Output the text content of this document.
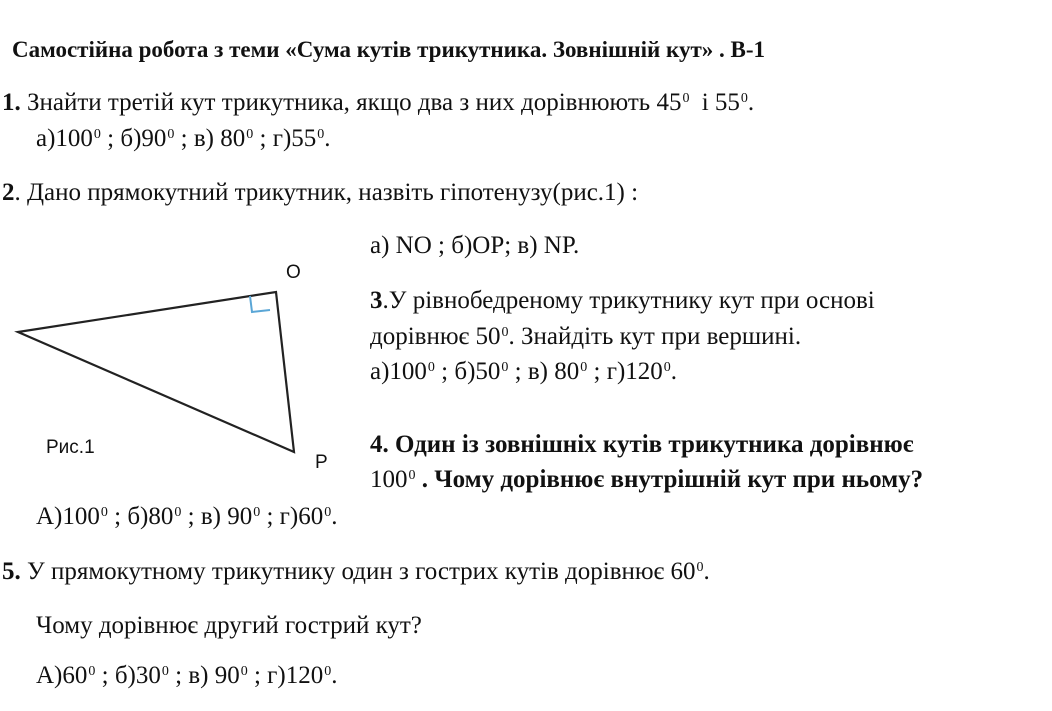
Самостійна робота з теми «Сума кутів трикутника. Зовнішній кут» . В-1
1. Знайти третій кут трикутника, якщо два з них дорівнюють $45^0$ і $55^0$.
$а)100^0$ ; $б)90^0$ ; в) $80^0$ ; $г)55^0$.
2. Дано прямокутний трикутник, назвіть гіпотенузу(рис.1) :
а) NO ; б)OP; в) NP.
O
P
Рис.1
3.У рівнобедреному трикутнику кут при основі
дорівнює $50^0$. Знайдіть кут при вершині.
$а)100^0$ ; $б)50^0$ ; в) $80^0$ ; $г)120^0$.
4. Один із зовнішніх кутів трикутника дорівнює
$100^0$ . Чому дорівнює внутрішній кут при ньому?
$А)100^0$ ; $б)80^0$ ; в) $90^0$ ; $г)60^0$.
5. У прямокутному трикутнику один з гострих кутів дорівнює $60^0$.
Чому дорівнює другий гострий кут?
$А)60^0$ ; $б)30^0$ ; в) $90^0$ ; $г)120^0$.
